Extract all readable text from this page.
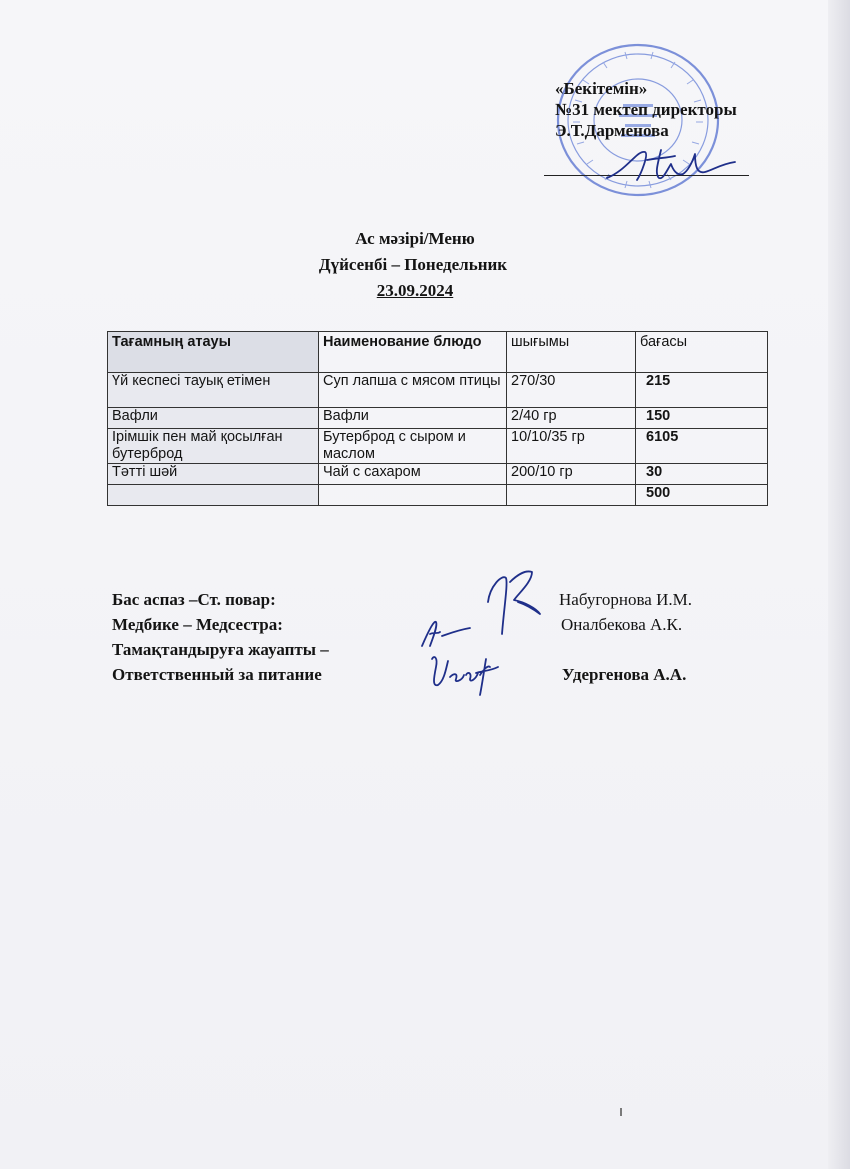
«Бекітемін»
№31 мектеп директоры
Э.Т.Дарменова
Ас мәзірі/Меню
Дүйсенбі – Понедельник
23.09.2024
Тағамның атауы	Наименование блюдо	шығымы	бағасы
Үй кеспесі тауық етімен	Суп лапша с мясом птицы	270/30	215
Вафли	Вафли	2/40 гр	150
Ірімшік пен май қосылған бутерброд	Бутерброд с сыром и маслом	10/10/35 гр	6105
Тәтті шәй	Чай с сахаром	200/10 гр	30
			500
Бас аспаз –Ст. повар:
Медбике – Медсестра:
Тамақтандыруға жауапты –
Ответственный за питание
Набугорнова И.М.
Оналбекова А.К.
Удергенова А.А.
